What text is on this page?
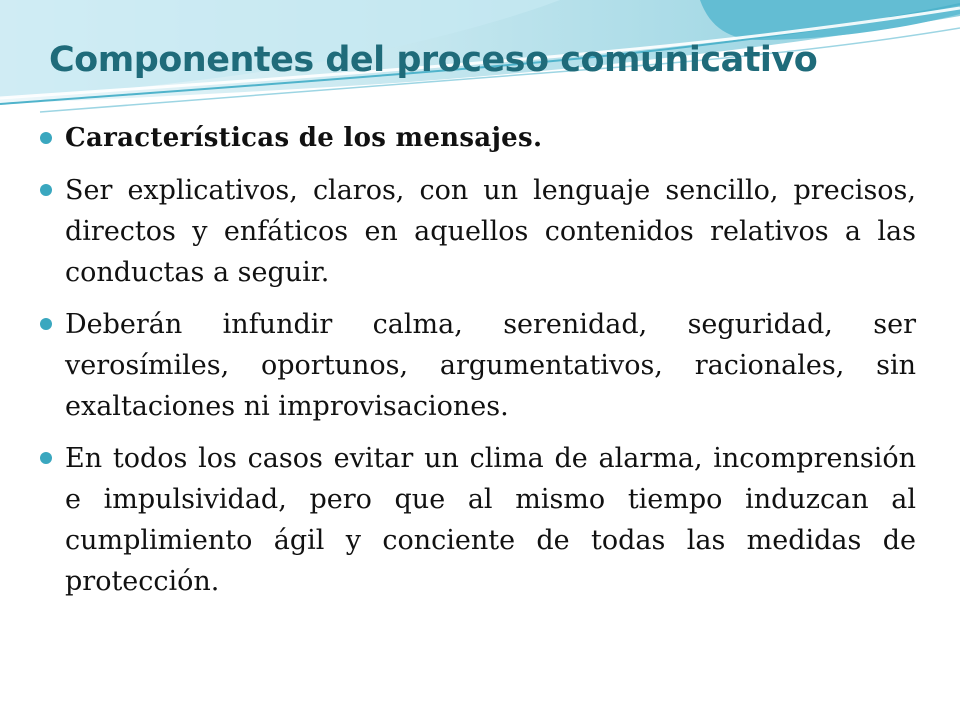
Componentes del proceso comunicativo
Características de los mensajes.
Ser explicativos, claros, con un lenguaje sencillo, precisos, directos y enfáticos en aquellos contenidos relativos a las conductas a seguir.
Deberán infundir calma, serenidad, seguridad, ser verosímiles, oportunos, argumentativos, racionales, sin exaltaciones ni improvisaciones.
En todos los casos evitar un clima de alarma, incomprensión e impulsividad, pero que al mismo tiempo induzcan al cumplimiento ágil y conciente de todas las medidas de protección.
